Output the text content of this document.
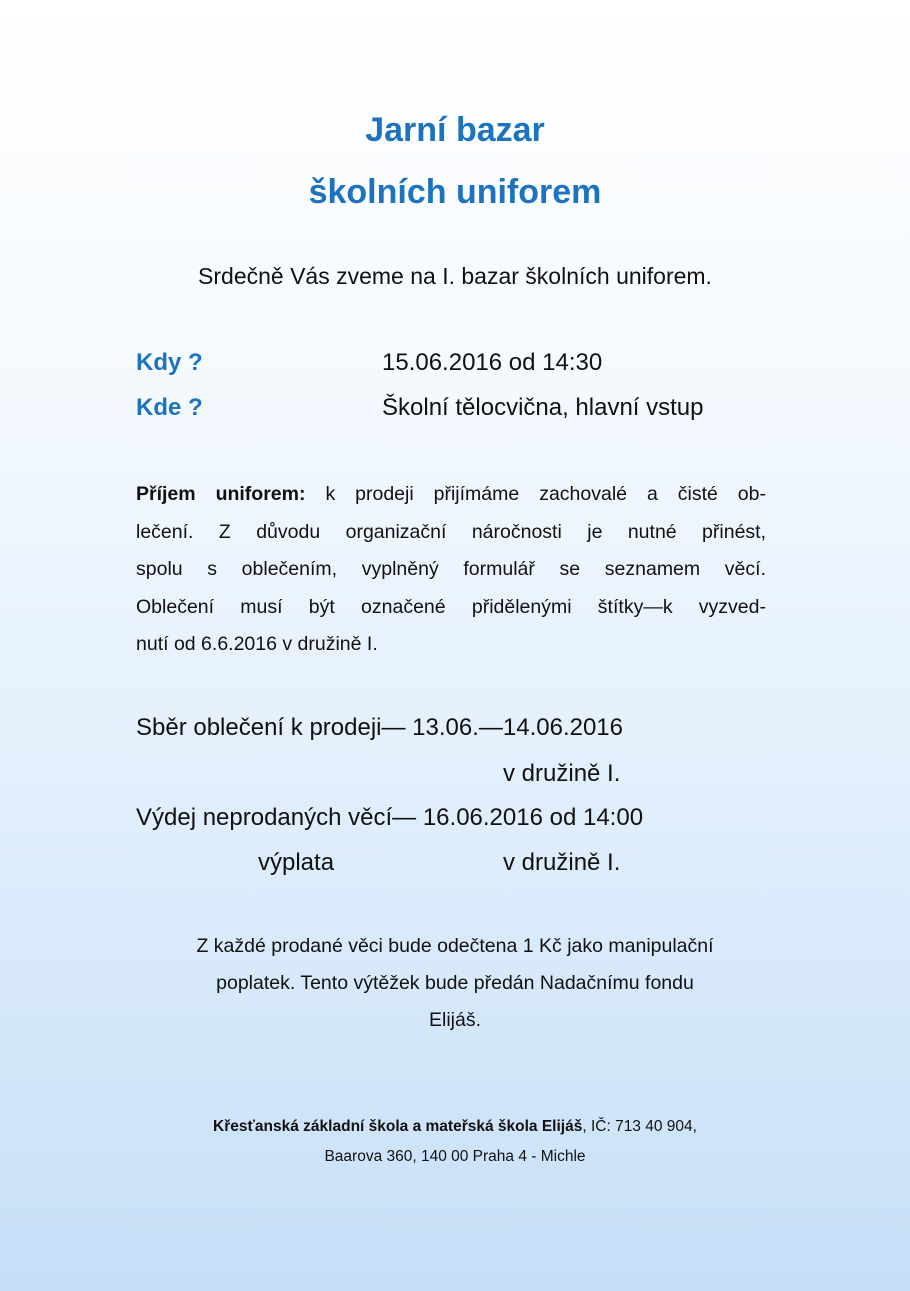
Jarní bazar
školních uniforem
Srdečně Vás zveme na I. bazar školních uniforem.
Kdy ?	15.06.2016 od 14:30
Kde ?	Školní tělocvična, hlavní vstup
Příjem uniforem: k prodeji přijímáme zachovalé a čisté ob-
lečení. Z důvodu organizační náročnosti je nutné přinést,
spolu s oblečením, vyplněný formulář se seznamem věcí.
Oblečení musí být označené přidělenými štítky—k vyzved-
nutí od 6.6.2016 v družině I.
Sběr oblečení k prodeji— 13.06.—14.06.2016
v družině I.
Výdej neprodaných věcí— 16.06.2016 od 14:00
výplata	v družině I.
Z každé prodané věci bude odečtena 1 Kč jako manipulační
poplatek. Tento výtěžek bude předán Nadačnímu fondu
Elijáš.
Křesťanská základní škola a mateřská škola Elijáš, IČ: 713 40 904,
Baarova 360, 140 00 Praha 4 - Michle
